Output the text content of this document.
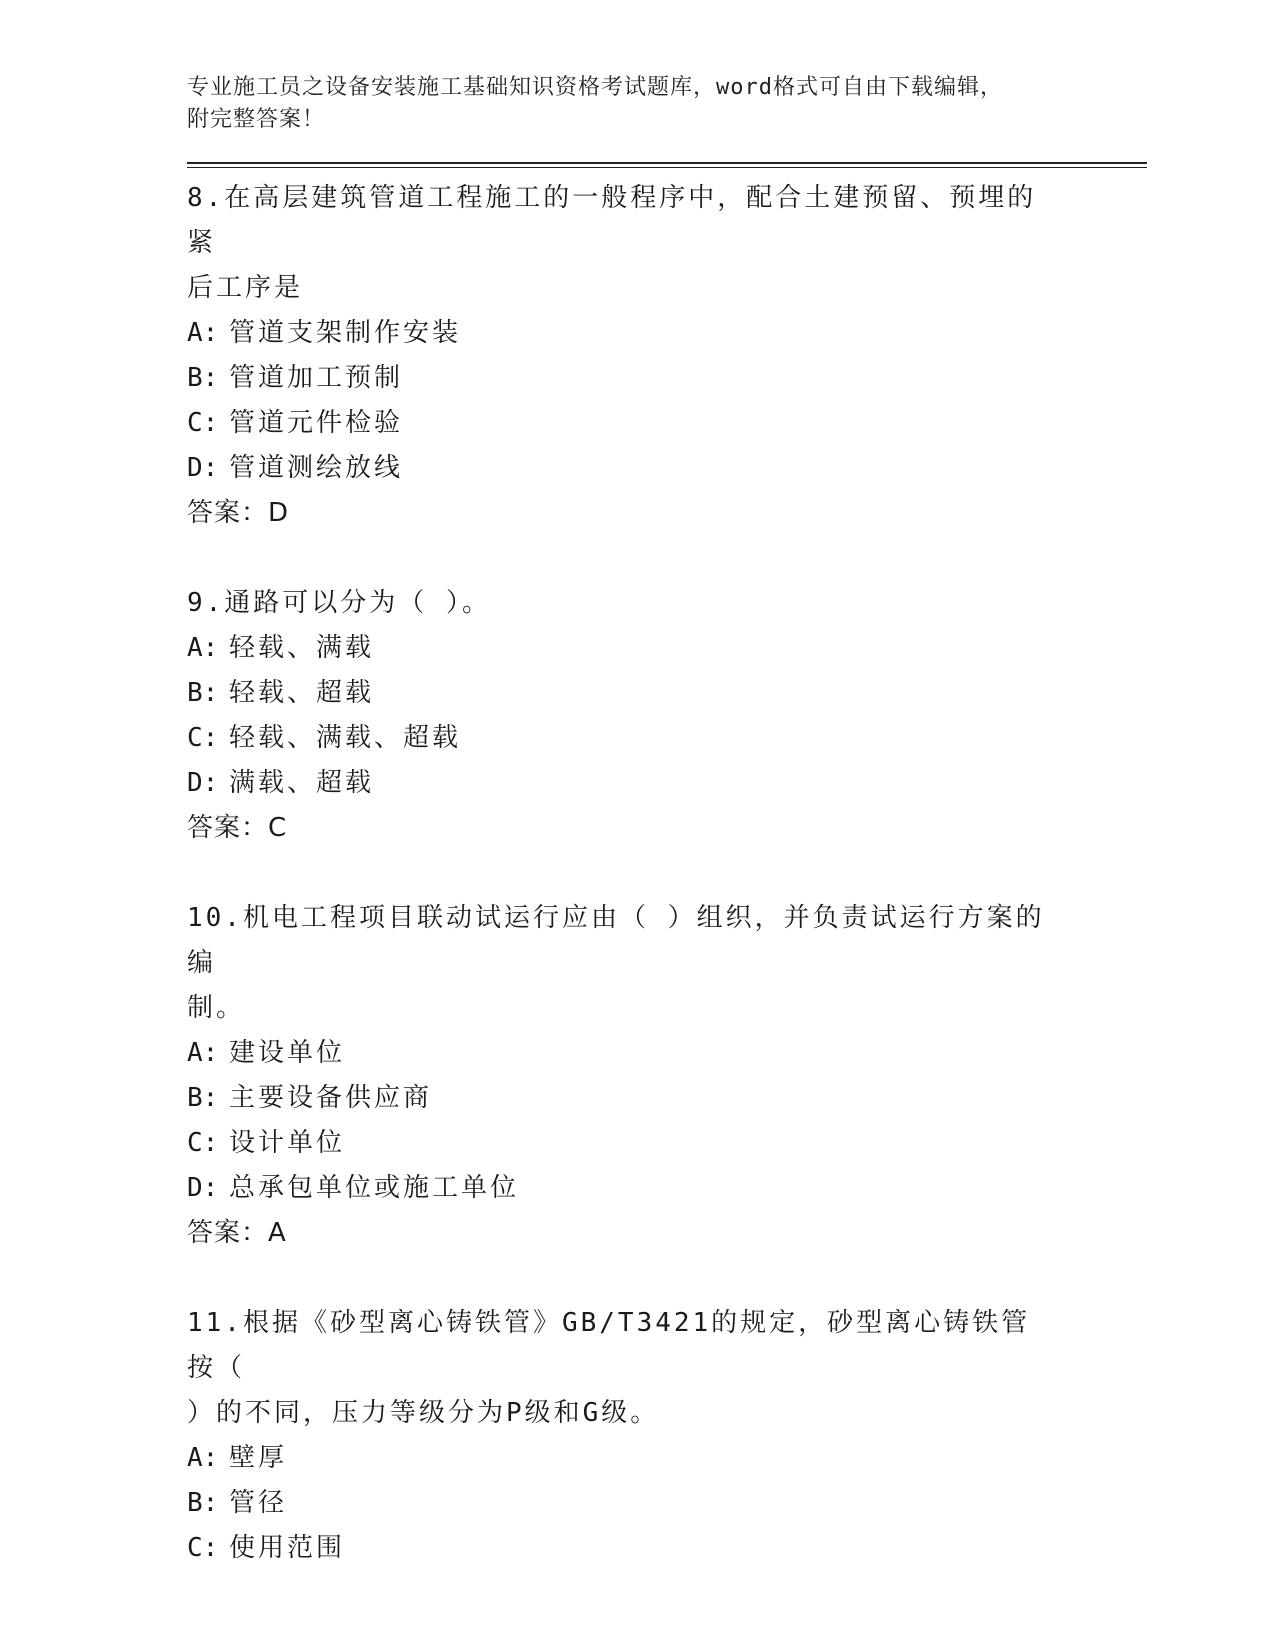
专业施工员之设备安装施工基础知识资格考试题库，word格式可自由下载编辑，

附完整答案！

8.在高层建筑管道工程施工的一般程序中，配合土建预留、预埋的紧
后工序是

A: 管道支架制作安装

B: 管道加工预制

C: 管道元件检验

D: 管道测绘放线

答案：D

9.通路可以分为（ ）。

A: 轻载、满载

B: 轻载、超载

C: 轻载、满载、超载

D: 满载、超载

答案：C

10.机电工程项目联动试运行应由（ ）组织，并负责试运行方案的编
制。

A: 建设单位

B: 主要设备供应商

C: 设计单位

D: 总承包单位或施工单位

答案：A

11.根据《砂型离心铸铁管》GB/T3421的规定，砂型离心铸铁管按（
）的不同，压力等级分为P级和G级。

A: 壁厚

B: 管径

C: 使用范围
